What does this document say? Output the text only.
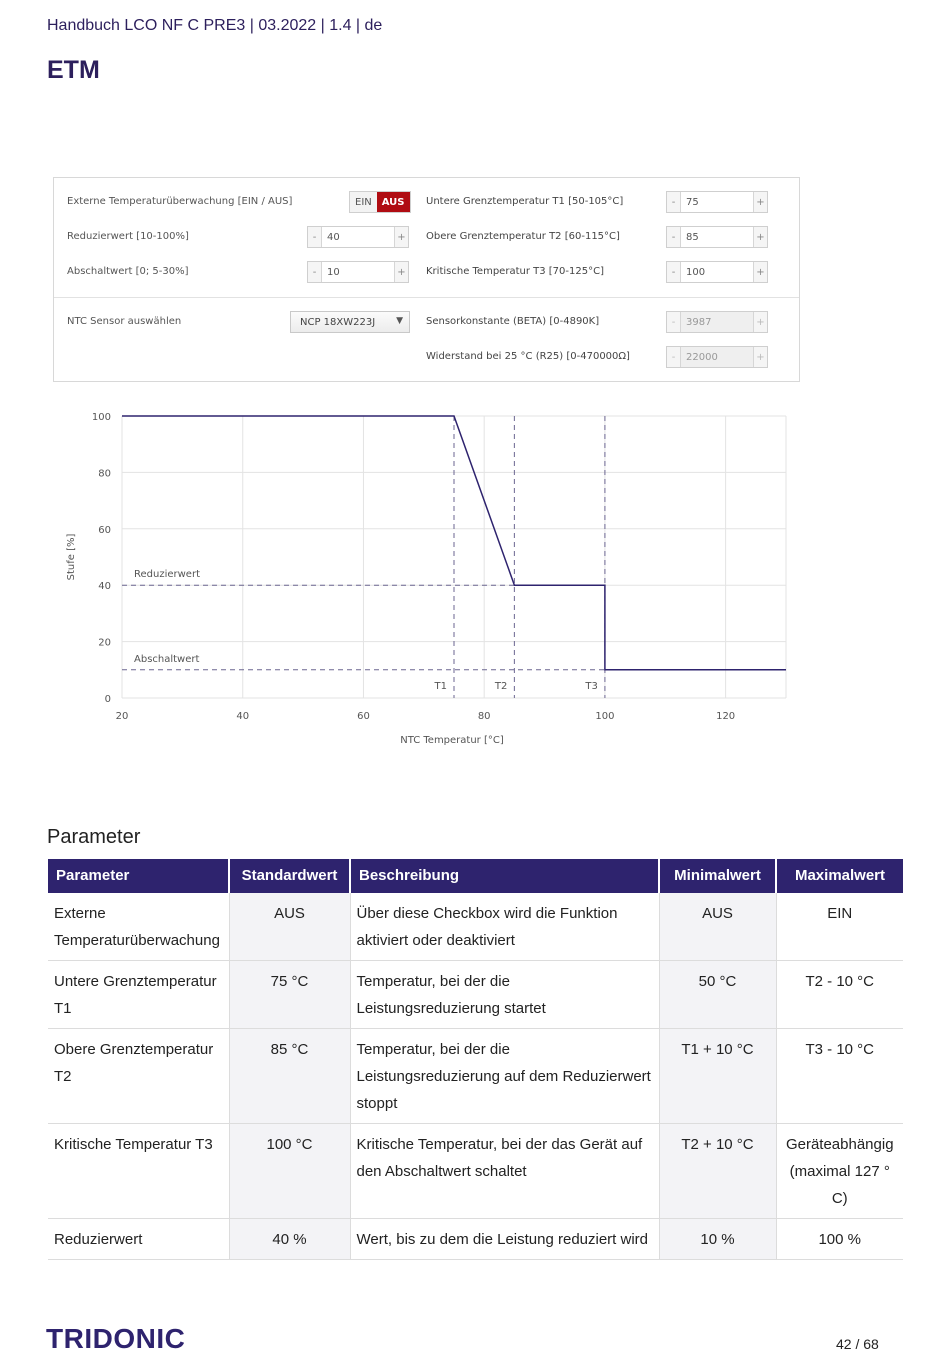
Handbuch LCO NF C PRE3 | 03.2022 | 1.4 | de
ETM
Externe Temperaturüberwachung [EIN / AUS]	EIN	AUS
Reduzierwert [10-100%]	-	40	+
Abschaltwert [0; 5-30%]	-	10	+
Untere Grenztemperatur T1 [50-105°C]	-	75	+
Obere Grenztemperatur T2 [60-115°C]	-	85	+
Kritische Temperatur T3 [70-125°C]	-	100	+
NTC Sensor auswählen	NCP 18XW223J ▼ Sensorkonstante (BETA) [0-4890K]	-	3987	+
Widerstand bei 25 °C (R25) [0-470000Ω]	-	22000	+
20	40	60	80	100	120
0
20
40
60
80
100
NTC Temperatur [°C]
Stufe [%]	Reduzierwert
Abschaltwert
T1	T2	T3
Parameter
Parameter	Standardwert	Beschreibung	Minimalwert	Maximalwert
Externe Temperaturüberwachung	AUS	Über diese Checkbox wird die Funktion aktiviert oder deaktiviert	AUS	EIN
Untere Grenztemperatur T1	75 °C	Temperatur, bei der die Leistungsreduzierung startet	50 °C	T2 - 10 °C
Obere Grenztemperatur T2	85 °C	Temperatur, bei der die Leistungsreduzierung auf dem Reduzierwert stoppt	T1 + 10 °C	T3 - 10 °C
Kritische Temperatur T3	100 °C	Kritische Temperatur, bei der das Gerät auf den Abschaltwert schaltet	T2 + 10 °C	Geräteabhängig (maximal 127 ° C)
Reduzierwert	40 %	Wert, bis zu dem die Leistung reduziert wird	10 %	100 %
TRIDONIC	42 / 68
